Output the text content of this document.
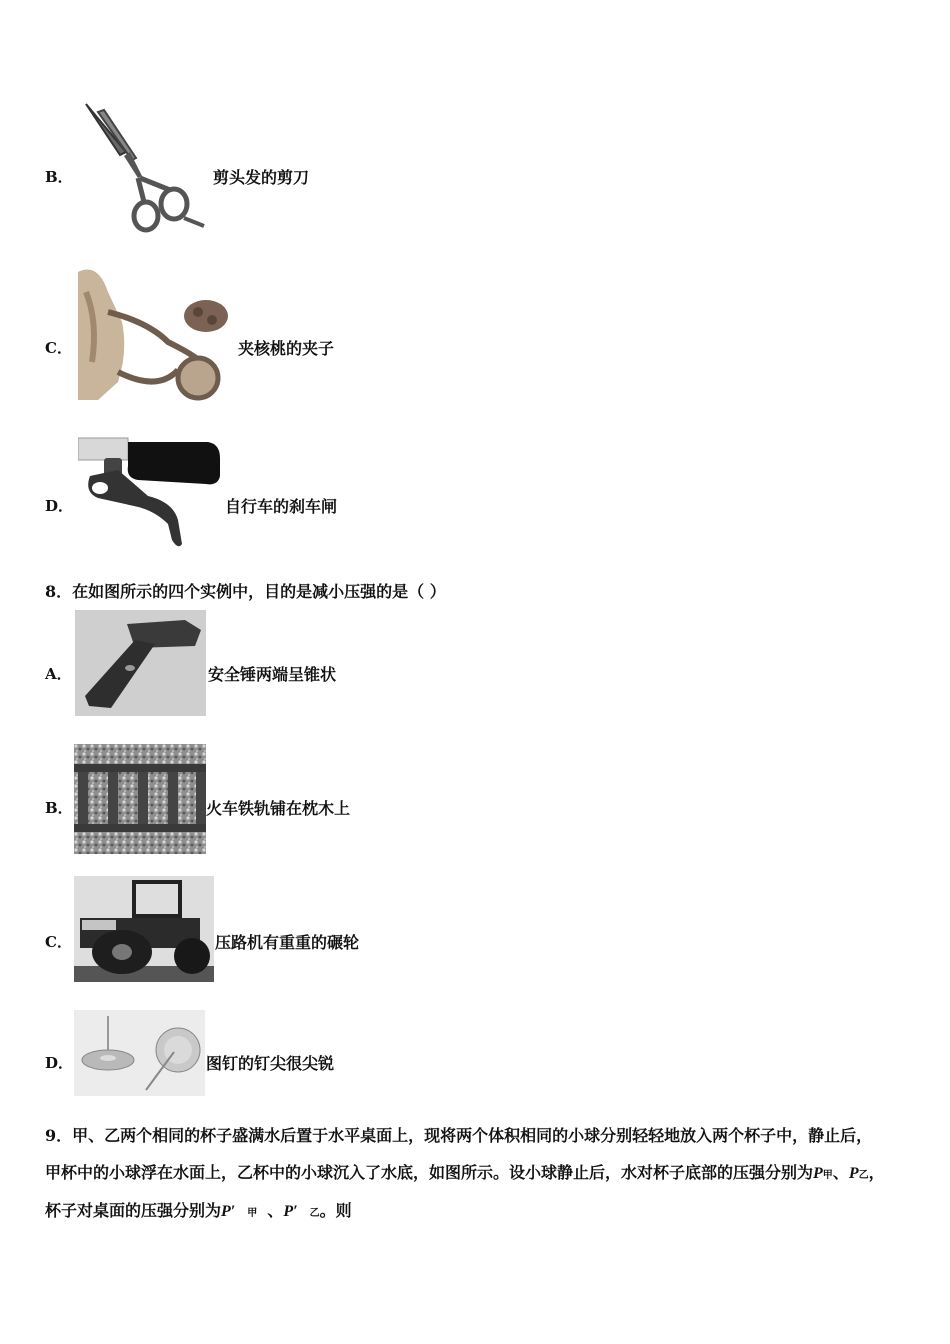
B．	剪头发的剪刀
C．	夹核桃的夹子
D．	自行车的刹车闸
8．在如图所示的四个实例中，目的是减小压强的是（ ）
A．	安全锤两端呈锥状
B．	火车铁轨铺在枕木上
C．	压路机有重重的碾轮
D．	图钉的钉尖很尖锐
9．甲、乙两个相同的杯子盛满水后置于水平桌面上，现将两个体积相同的小球分别轻轻地放入两个杯子中，静止后，
甲杯中的小球浮在水面上，乙杯中的小球沉入了水底，如图所示。设小球静止后，水对杯子底部的压强分别为P甲、P乙，
杯子对桌面的压强分别为P′ 甲 、P′ 乙。则
